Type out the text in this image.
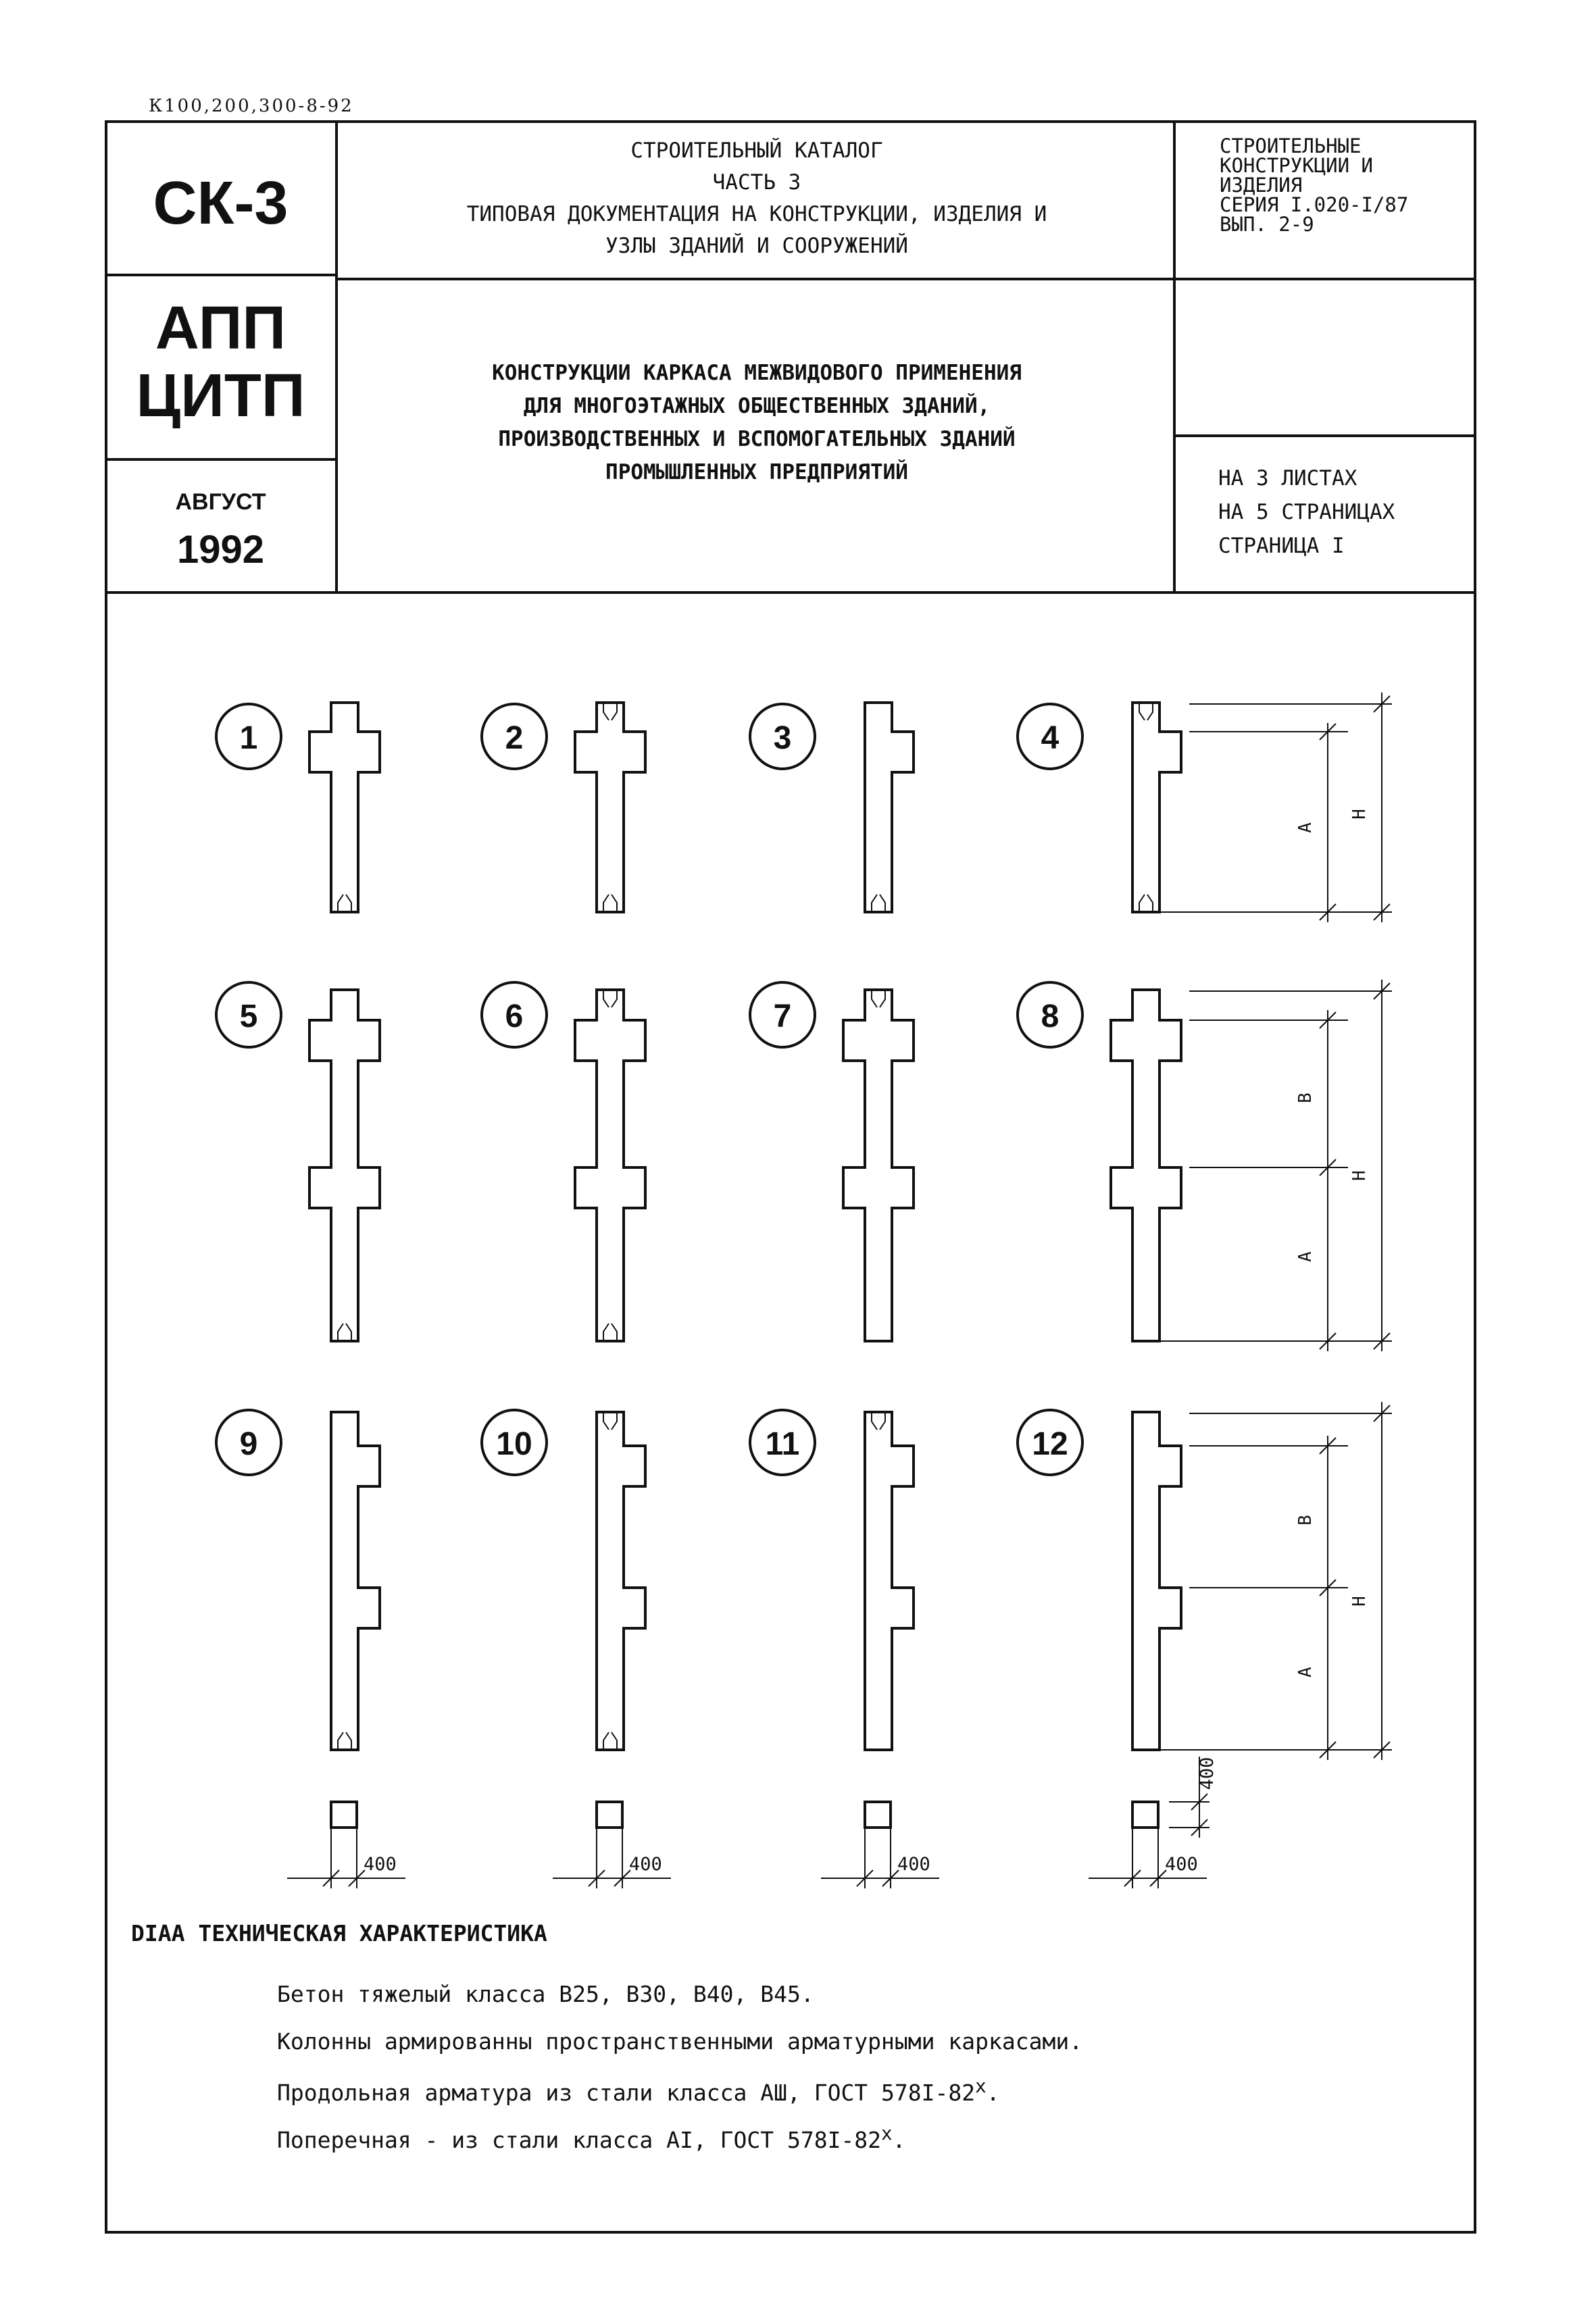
К100,200,300-8-92
СК-3
АПП
ЦИТП
АВГУСТ
1992
СТРОИТЕЛЬНЫЙ КАТАЛОГ
ЧАСТЬ 3
ТИПОВАЯ ДОКУМЕНТАЦИЯ НА КОНСТРУКЦИИ, ИЗДЕЛИЯ И
УЗЛЫ ЗДАНИЙ И СООРУЖЕНИЙ
СТРОИТЕЛЬНЫЕ
КОНСТРУКЦИИ И
ИЗДЕЛИЯ
СЕРИЯ I.020-I/87
ВЫП. 2-9
КОНСТРУКЦИИ КАРКАСА МЕЖВИДОВОГО ПРИМЕНЕНИЯ
ДЛЯ МНОГОЭТАЖНЫХ ОБЩЕСТВЕННЫХ ЗДАНИЙ,
ПРОИЗВОДСТВЕННЫХ И ВСПОМОГАТЕЛЬНЫХ ЗДАНИЙ
ПРОМЫШЛЕННЫХ ПРЕДПРИЯТИЙ	НА 3 ЛИСТАХ
НА 5 СТРАНИЦАХ
СТРАНИЦА I
1	2	3	4
5	6	7	8
9	10	11	12
А
Н
В
А
Н
В
А
Н
400	400	400	400
400
DIAA ТЕХНИЧЕСКАЯ ХАРАКТЕРИСТИКА
Бетон тяжелый класса В25, В30, В40, В45.
Колонны армированны пространственными арматурными каркасами.
Продольная арматура из стали класса АШ, ГОСТ 578I-82$^x$.
Поперечная - из стали класса АI, ГОСТ 578I-82$^x$.
